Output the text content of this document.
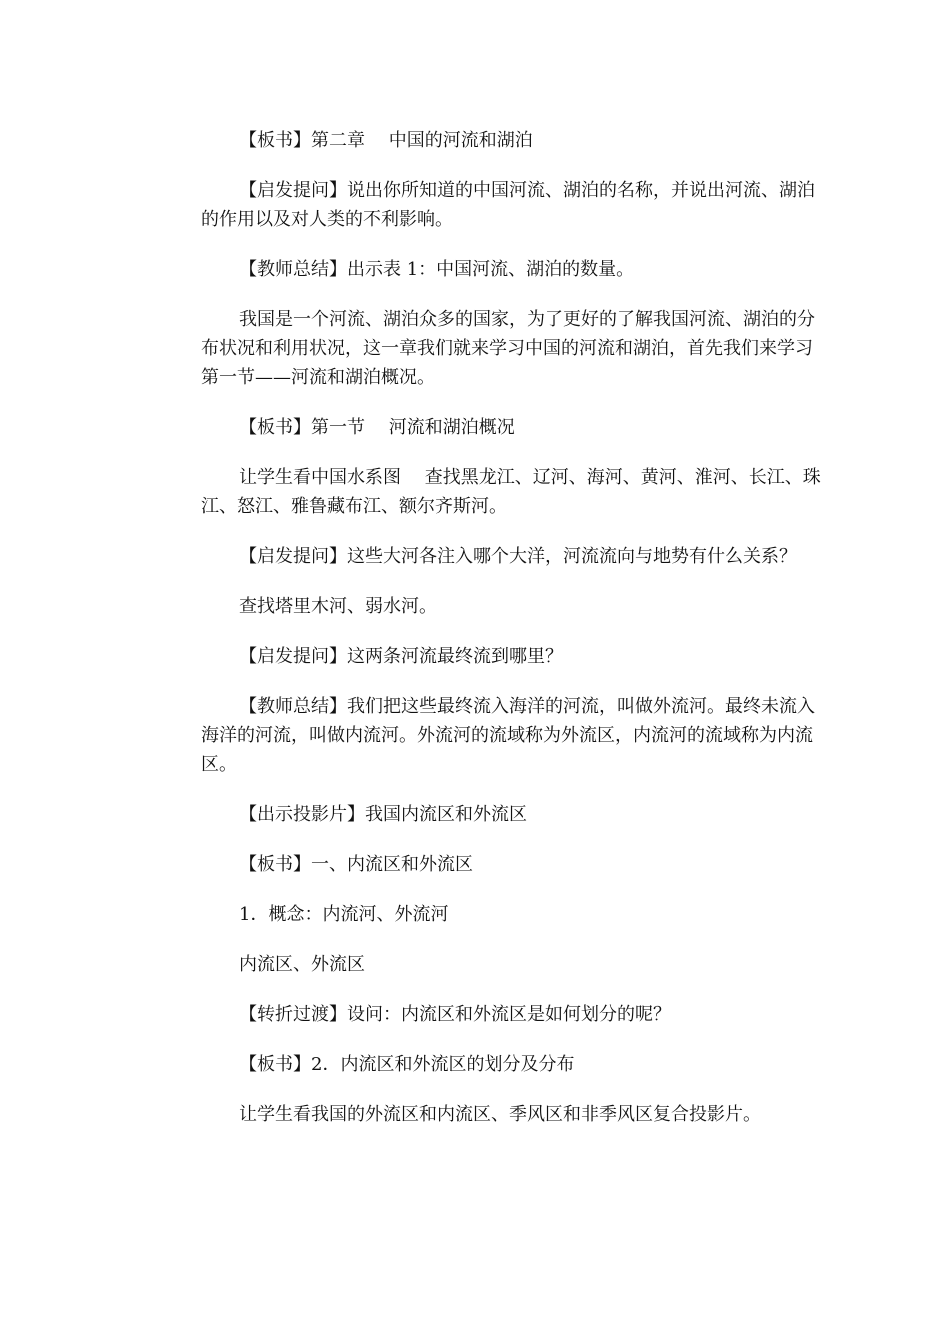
【板书】第二章　 中国的河流和湖泊

【启发提问】说出你所知道的中国河流、湖泊的名称，并说出河流、湖泊的作用以及对人类的不利影响。

【教师总结】出示表 1：中国河流、湖泊的数量。

我国是一个河流、湖泊众多的国家，为了更好的了解我国河流、湖泊的分布状况和利用状况，这一章我们就来学习中国的河流和湖泊，首先我们来学习第一节——河流和湖泊概况。

【板书】第一节　 河流和湖泊概况

让学生看中国水系图　 查找黑龙江、辽河、海河、黄河、淮河、长江、珠江、怒江、雅鲁藏布江、额尔齐斯河。

【启发提问】这些大河各注入哪个大洋，河流流向与地势有什么关系？

查找塔里木河、弱水河。

【启发提问】这两条河流最终流到哪里？

【教师总结】我们把这些最终流入海洋的河流，叫做外流河。最终未流入海洋的河流，叫做内流河。外流河的流域称为外流区，内流河的流域称为内流区。

【出示投影片】我国内流区和外流区

【板书】一、内流区和外流区

1．概念：内流河、外流河

内流区、外流区

【转折过渡】设问：内流区和外流区是如何划分的呢？

【板书】2．内流区和外流区的划分及分布

让学生看我国的外流区和内流区、季风区和非季风区复合投影片。
